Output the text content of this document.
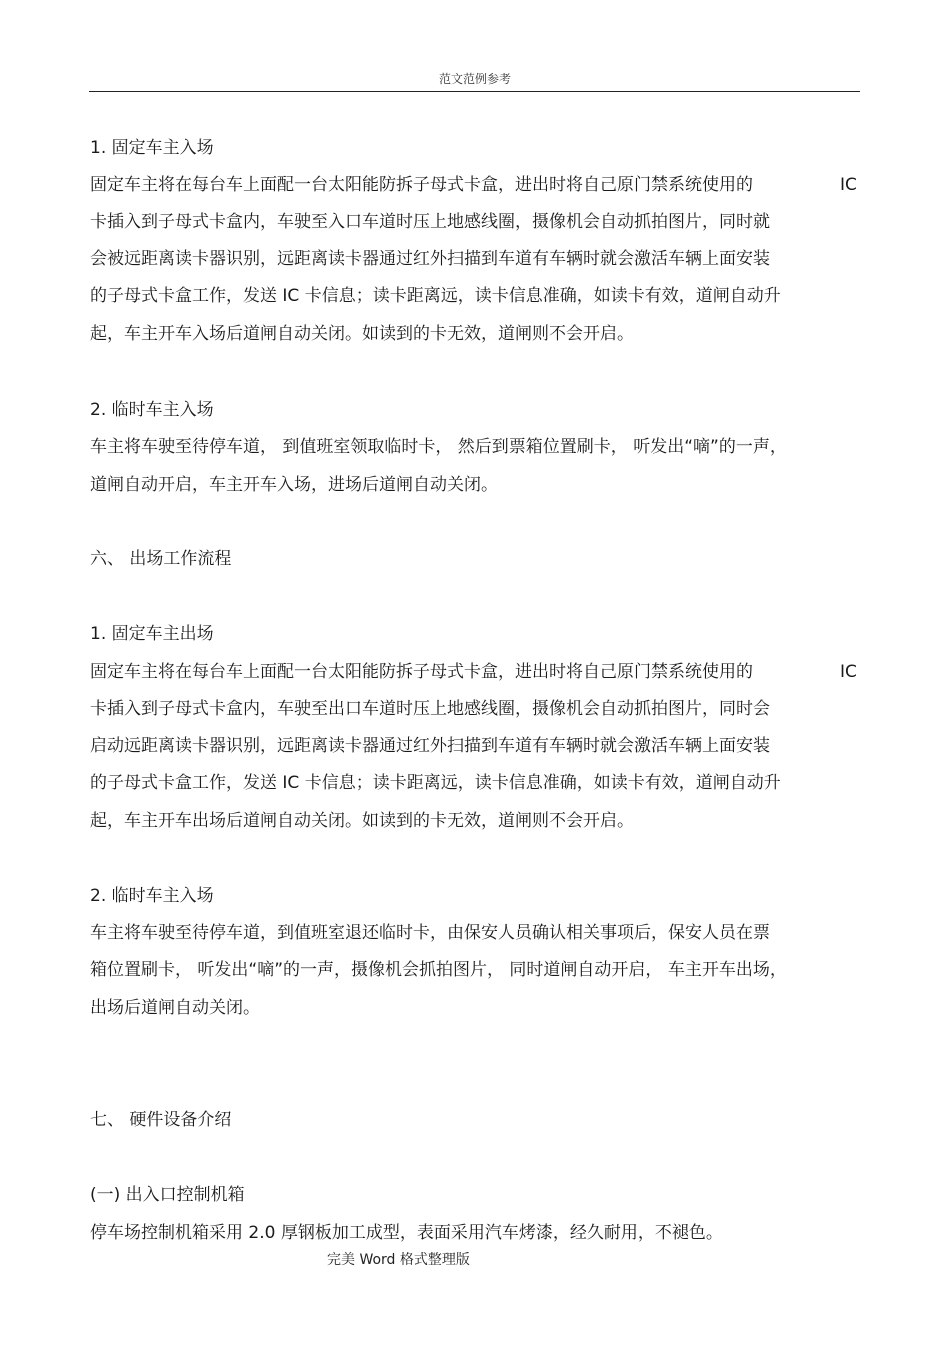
范文范例参考
1. 固定车主入场
固定车主将在每台车上面配一台太阳能防拆子母式卡盒，进出时将自己原门禁系统使用的	IC
卡插入到子母式卡盒内，车驶至入口车道时压上地感线圈，摄像机会自动抓拍图片，同时就
会被远距离读卡器识别，远距离读卡器通过红外扫描到车道有车辆时就会激活车辆上面安装
的子母式卡盒工作，发送 IC 卡信息；读卡距离远，读卡信息准确，如读卡有效，道闸自动升
起，车主开车入场后道闸自动关闭。如读到的卡无效，道闸则不会开启。
2. 临时车主入场
车主将车驶至待停车道， 到值班室领取临时卡， 然后到票箱位置刷卡， 听发出“嘀”的一声，
道闸自动开启，车主开车入场，进场后道闸自动关闭。
六、 出场工作流程
1. 固定车主出场
固定车主将在每台车上面配一台太阳能防拆子母式卡盒，进出时将自己原门禁系统使用的	IC
卡插入到子母式卡盒内，车驶至出口车道时压上地感线圈，摄像机会自动抓拍图片，同时会
启动远距离读卡器识别，远距离读卡器通过红外扫描到车道有车辆时就会激活车辆上面安装
的子母式卡盒工作，发送 IC 卡信息；读卡距离远，读卡信息准确，如读卡有效，道闸自动升
起，车主开车出场后道闸自动关闭。如读到的卡无效，道闸则不会开启。
2. 临时车主入场
车主将车驶至待停车道，到值班室退还临时卡，由保安人员确认相关事项后，保安人员在票
箱位置刷卡， 听发出“嘀”的一声，摄像机会抓拍图片， 同时道闸自动开启， 车主开车出场，
出场后道闸自动关闭。
七、 硬件设备介绍
(一) 出入口控制机箱
停车场控制机箱采用 2.0 厚钢板加工成型，表面采用汽车烤漆，经久耐用，不褪色。
完美 Word 格式整理版
